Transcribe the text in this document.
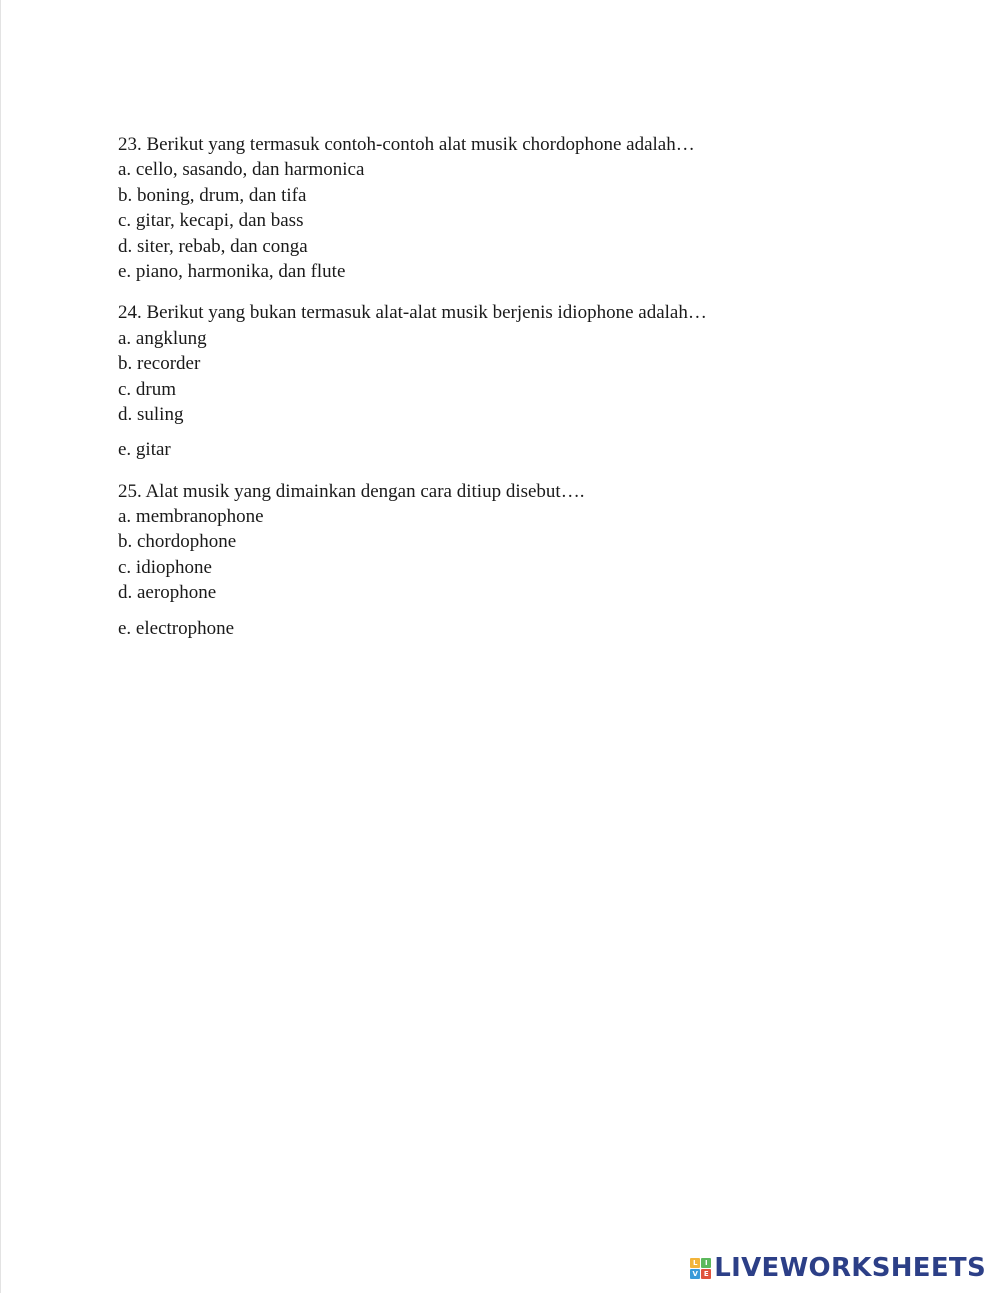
23. Berikut yang termasuk contoh-contoh alat musik chordophone adalah…
a. cello, sasando, dan harmonica
b. boning, drum, dan tifa
c. gitar, kecapi, dan bass
d. siter, rebab, dan conga
e. piano, harmonika, dan flute
24. Berikut yang bukan termasuk alat-alat musik berjenis idiophone adalah…
a. angklung
b. recorder
c. drum
d. suling
e. gitar
25. Alat musik yang dimainkan dengan cara ditiup disebut….
a. membranophone
b. chordophone
c. idiophone
d. aerophone
e. electrophone
L	I
V E LIVEWORKSHEETS
